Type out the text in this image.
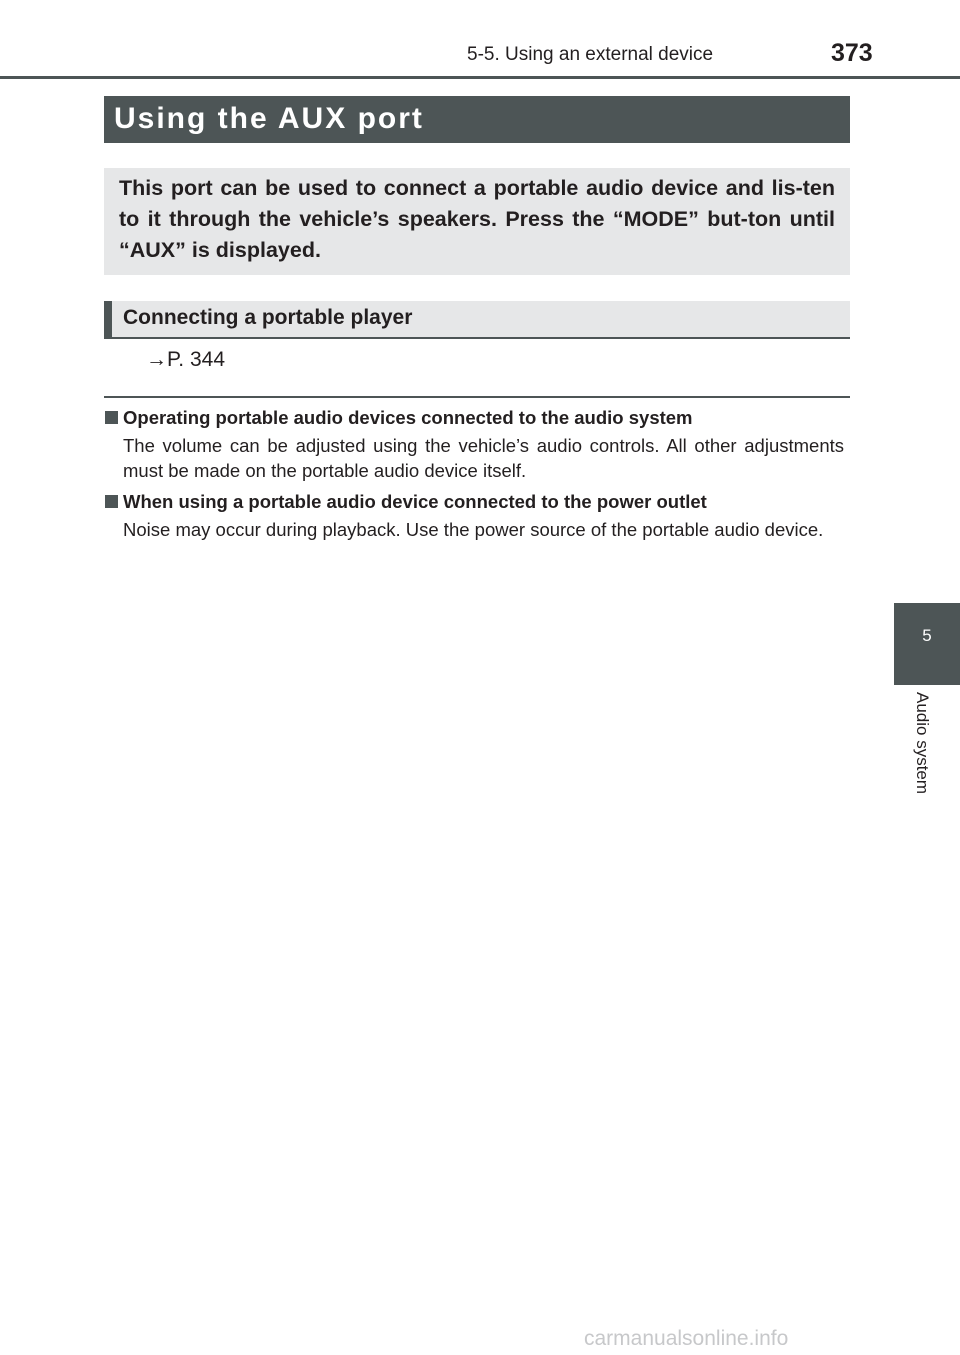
5-5. Using an external device	373
Using the AUX port
This port can be used to connect a portable audio device and lis-ten to it through the vehicle’s speakers. Press the “MODE” but-ton until “AUX” is displayed.
Connecting a portable player
→P. 344
Operating portable audio devices connected to the audio system
The volume can be adjusted using the vehicle’s audio controls. All other adjustments must be made on the portable audio device itself.
When using a portable audio device connected to the power outlet
Noise may occur during playback. Use the power source of the portable audio device.
5
Audio system
carmanualsonline.info
